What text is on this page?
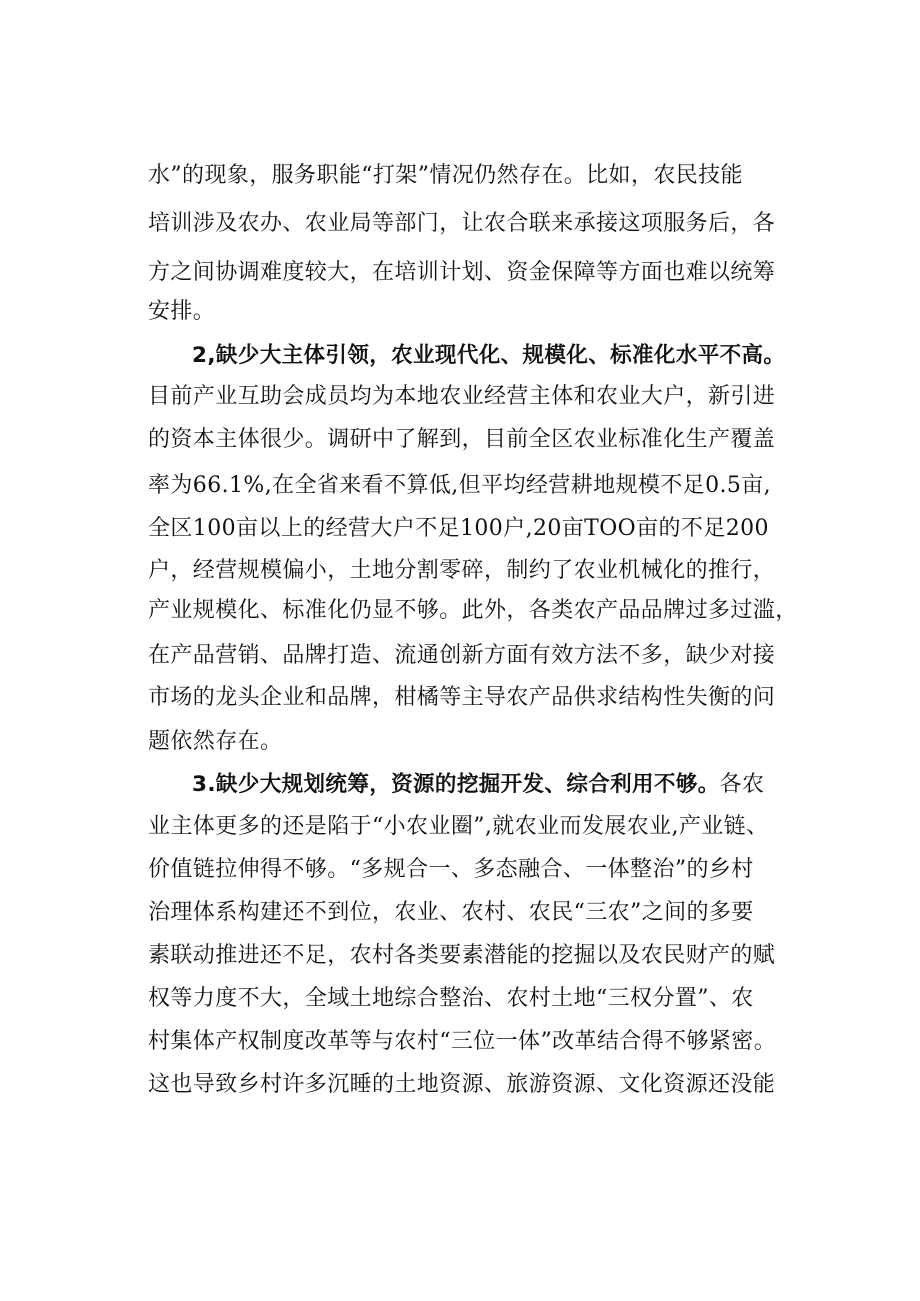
水”的现象，服务职能“打架”情况仍然存在。比如，农民技能
培训涉及农办、农业局等部门，让农合联来承接这项服务后，各
方之间协调难度较大，在培训计划、资金保障等方面也难以统筹
安排。
2,缺少大主体引领，农业现代化、规模化、标准化水平不高。
目前产业互助会成员均为本地农业经营主体和农业大户，新引进
的资本主体很少。调研中了解到，目前全区农业标准化生产覆盖
率为66.1%,在全省来看不算低,但平均经营耕地规模不足0.5亩,
全区100亩以上的经营大户不足100户,20亩TOO亩的不足200
户，经营规模偏小，土地分割零碎，制约了农业机械化的推行，
产业规模化、标准化仍显不够。此外，各类农产品品牌过多过滥，
在产品营销、品牌打造、流通创新方面有效方法不多，缺少对接
市场的龙头企业和品牌，柑橘等主导农产品供求结构性失衡的问
题依然存在。
3.缺少大规划统筹，资源的挖掘开发、综合利用不够。各农
业主体更多的还是陷于“小农业圈”,就农业而发展农业,产业链、
价值链拉伸得不够。“多规合一、多态融合、一体整治”的乡村
治理体系构建还不到位，农业、农村、农民“三农”之间的多要
素联动推进还不足，农村各类要素潜能的挖掘以及农民财产的赋
权等力度不大，全域土地综合整治、农村土地“三权分置”、农
村集体产权制度改革等与农村“三位一体”改革结合得不够紧密。
这也导致乡村许多沉睡的土地资源、旅游资源、文化资源还没能
